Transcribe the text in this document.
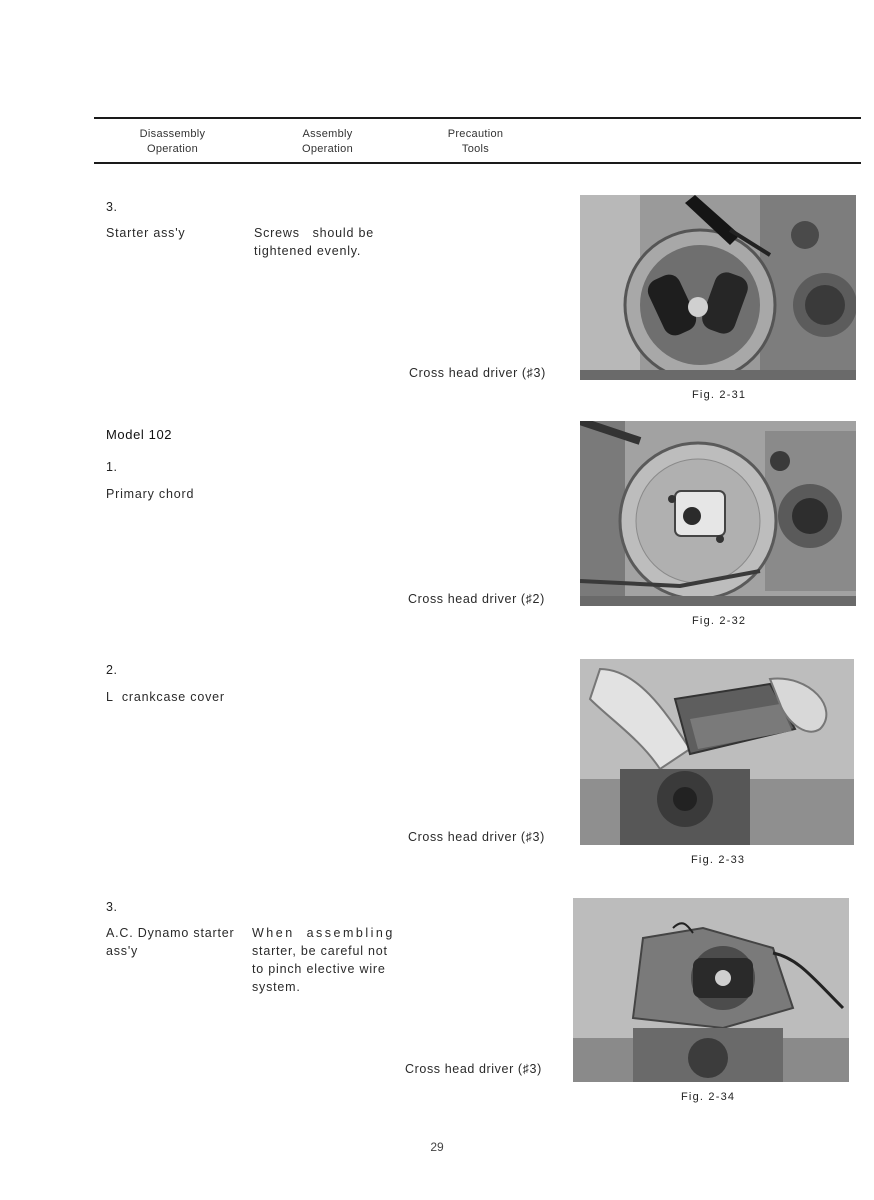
Disassembly
Operation
Assembly
Operation
Precaution
Tools
3.
Starter ass'y	Screws   should be
tightened evenly.
Cross head driver (♯3)
Fig. 2-31
Model 102
1.
Primary chord
Cross head driver (♯2)
Fig. 2-32
2.
L  crankcase cover
Cross head driver (♯3)
Fig. 2-33
3.
A.C. Dynamo starter
ass'y
When  assembling
starter, be careful not
to pinch elective wire
system.
Cross head driver (♯3)
Fig. 2-34
29
